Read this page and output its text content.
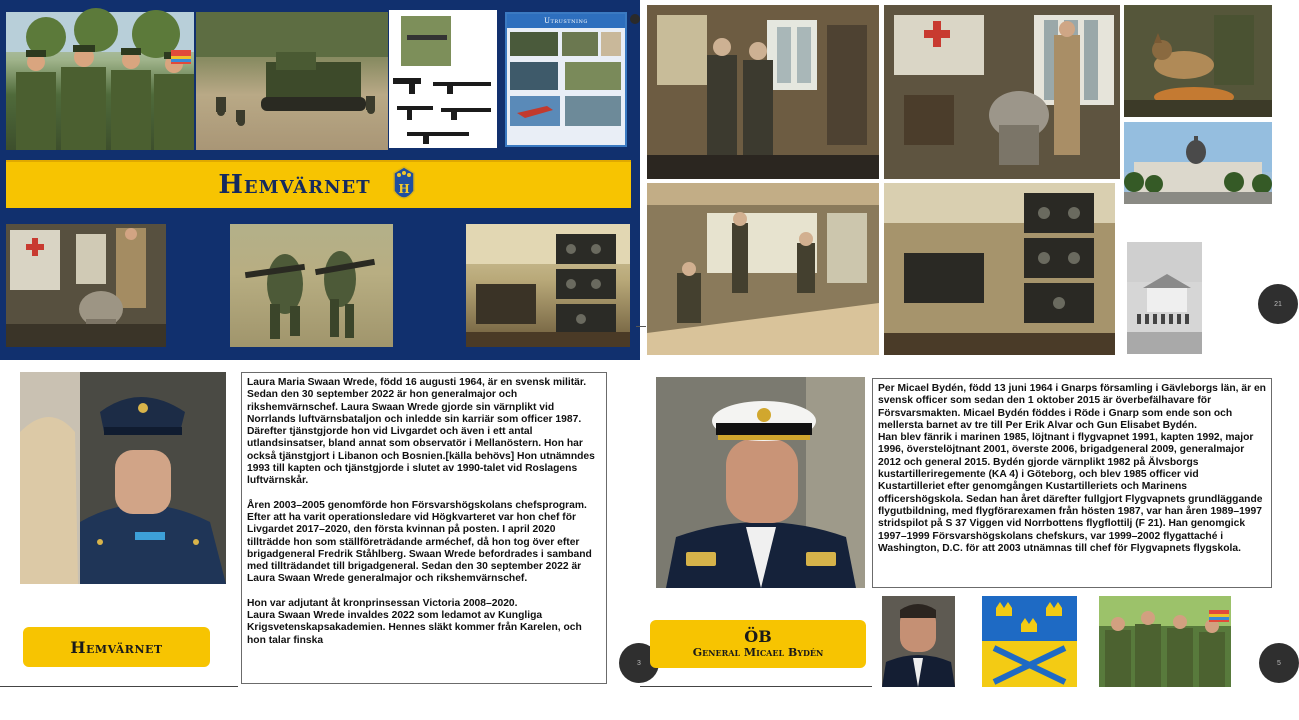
Utrustning
Hemvärnet H
21

Laura Maria Swaan Wrede, född 16 augusti 1964, är en svensk militär. Sedan den 30 september 2022 är hon generalmajor och rikshemvärnschef. Laura Swaan Wrede gjorde sin värnplikt vid Norrlands luftvärnsbataljon och inledde sin karriär som officer 1987. Därefter tjänstgjorde hon vid Livgardet och även i ett antal utlandsinsatser, bland annat som observatör i Mellanöstern. Hon har också tjänstgjort i Libanon och Bosnien.[källa behövs] Hon utnämndes 1993 till kapten och tjänstgjorde i slutet av 1990-talet vid Roslagens luftvärnskår.

Åren 2003–2005 genomförde hon Försvarshögskolans chefsprogram. Efter att ha varit operationsledare vid Högkvarteret var hon chef för Livgardet 2017–2020, den första kvinnan på posten. I april 2020 tillträdde hon som ställföreträdande arméchef, då hon tog över efter brigadgeneral Fredrik Ståhlberg. Swaan Wrede befordrades i samband med tillträdandet till brigadgeneral. Sedan den 30 september 2022 är Laura Swaan Wrede generalmajor och rikshemvärnschef.

Hon var adjutant åt kronprinsessan Victoria 2008–2020.

Laura Swaan Wrede invaldes 2022 som ledamot av Kungliga Krigsvetenskapsakademien. Hennes släkt kommer från Karelen, och hon talar finska

Hemvärnet
3

Per Micael Bydén, född 13 juni 1964 i Gnarps församling i Gävleborgs län, är en svensk officer som sedan den 1 oktober 2015 är överbefälhavare för Försvarsmakten. Micael Bydén föddes i Röde i Gnarp som ende son och mellersta barnet av tre till Per Erik Alvar och Gun Elisabet Bydén.

Han blev fänrik i marinen 1985, löjtnant i flygvapnet 1991, kapten 1992, major 1996, överstelöjtnant 2001, överste 2006, brigadgeneral 2009, generalmajor 2012 och general 2015. Bydén gjorde värnplikt 1982 på Älvsborgs kustartilleriregemente (KA 4) i Göteborg, och blev 1985 officer vid Kustartilleriet efter genomgången Kustartilleriets och Marinens officershögskola. Sedan han året därefter fullgjort Flygvapnets grundläggande flygutbildning, med flygförarexamen från hösten 1987, var han åren 1989–1997 stridspilot på S 37 Viggen vid Norrbottens flygflottilj (F 21). Han genomgick 1997–1999 Försvarshögskolans chefskurs, var 1999–2002 flygattaché i Washington, D.C. för att 2003 utnämnas till chef för Flygvapnets flygskola.

ÖB
General Micael Bydén
5
